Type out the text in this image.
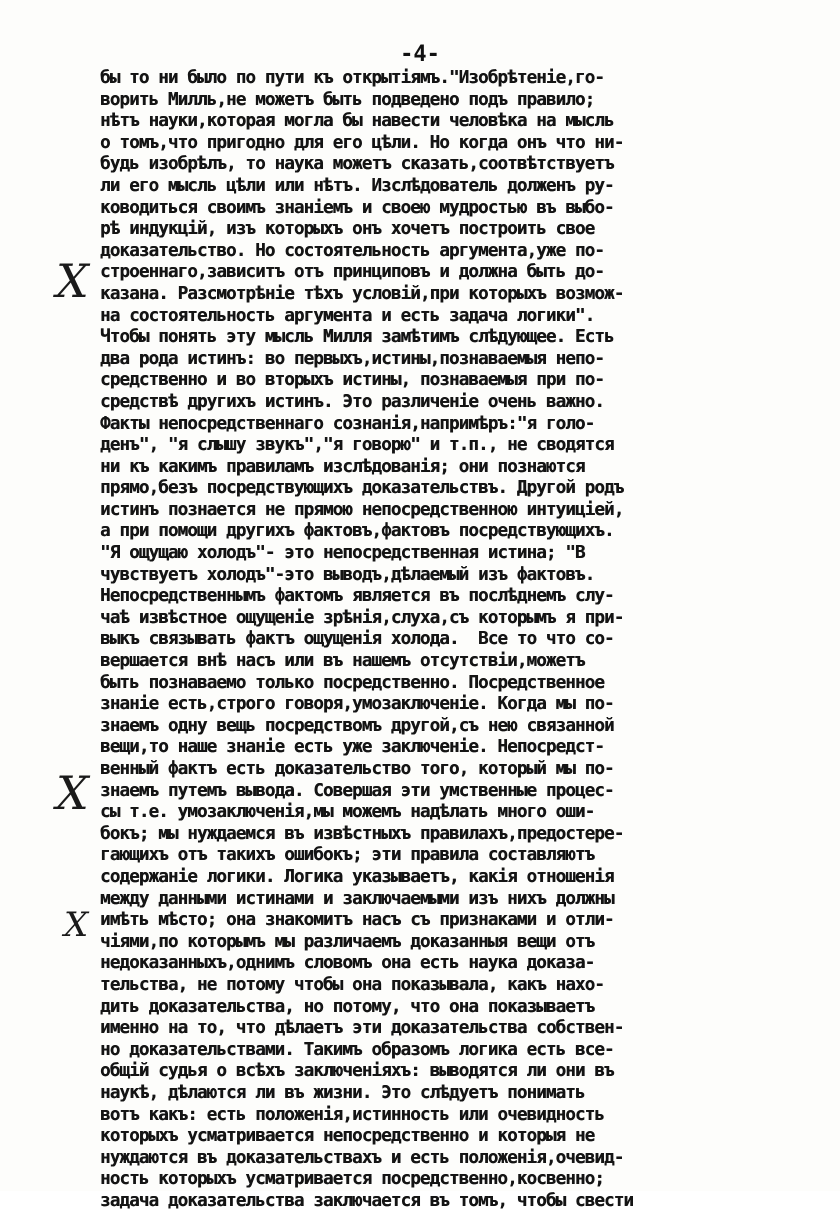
-4-
X
X
X
бы то ни было по пути къ открытiямъ."Изобрѣтенiе,го-
ворить Милль,не можетъ быть подведено подъ правило;
нѣтъ науки,которая могла бы навести человѣка на мысль
о томъ,что пригодно для его цѣли. Но когда онъ что ни-
будь изобрѣлъ, то наука можетъ сказать,соотвѣтствуетъ
ли его мысль цѣли или нѣтъ. Изслѣдователь долженъ ру-
ководиться своимъ знанiемъ и своею мудростью въ выбо-
рѣ индукцiй, изъ которыхъ онъ хочетъ построить свое
доказательство. Но состоятельность аргумента,уже по-
строеннаго,зависитъ отъ принциповъ и должна быть до-
казана. Разсмотрѣнiе тѣхъ условiй,при которыхъ возмож-
на состоятельность аргумента и есть задача логики".
Чтобы понять эту мысль Милля замѣтимъ слѣдующее. Есть
два рода истинъ: во первыхъ,истины,познаваемыя непо-
средственно и во вторыхъ истины, познаваемыя при по-
средствѣ другихъ истинъ. Это различенiе очень важно.
Факты непосредственнаго сознанiя,напримѣръ:"я голо-
денъ", "я слышу звукъ","я говорю" и т.п., не сводятся
ни къ какимъ правиламъ изслѣдованiя; они познаются
прямо,безъ посредствующихъ доказательствъ. Другой родъ
истинъ познается не прямою непосредственною интуицiей,
а при помощи другихъ фактовъ,фактовъ посредствующихъ.
"Я ощущаю холодъ"- это непосредственная истина; "В
чувствуетъ холодъ"-это выводъ,дѣлаемый изъ фактовъ.
Непосредственнымъ фактомъ является въ послѣднемъ слу-
чаѣ извѣстное ощущенiе зрѣнiя,слуха,съ которымъ я при-
выкъ связывать фактъ ощущенiя холода.  Все то что со-
вершается внѣ насъ или въ нашемъ отсутствiи,можетъ
быть познаваемо только посредственно. Посредственное
знанiе есть,строго говоря,умозаключенiе. Когда мы по-
знаемъ одну вещь посредствомъ другой,съ нею связанной
вещи,то наше знанiе есть уже заключенiе. Непосредст-
венный фактъ есть доказательство того, который мы по-
знаемъ путемъ вывода. Совершая эти умственные процес-
сы т.е. умозаключенiя,мы можемъ надѣлать много оши-
бокъ; мы нуждаемся въ извѣстныхъ правилахъ,предостере-
гающихъ отъ такихъ ошибокъ; эти правила составляютъ
содержанiе логики. Логика указываетъ, какiя отношенiя
между данными истинами и заключаемыми изъ нихъ должны
имѣть мѣсто; она знакомитъ насъ съ признаками и отли-
чiями,по которымъ мы различаемъ доказанныя вещи отъ
недоказанныхъ,однимъ словомъ она есть наука доказа-
тельства, не потому чтобы она показывала, какъ нахо-
дить доказательства, но потому, что она показываетъ
именно на то, что дѣлаетъ эти доказательства собствен-
но доказательствами. Такимъ образомъ логика есть все-
общiй судья о всѣхъ заключенiяхъ: выводятся ли они въ
наукѣ, дѣлаются ли въ жизни. Это слѣдуетъ понимать
вотъ какъ: есть положенiя,истинность или очевидность
которыхъ усматривается непосредственно и которыя не
нуждаются въ доказательствахъ и есть положенiя,очевид-
ность которыхъ усматривается посредственно,косвенно;
задача доказательства заключается въ томъ, чтобы свести
